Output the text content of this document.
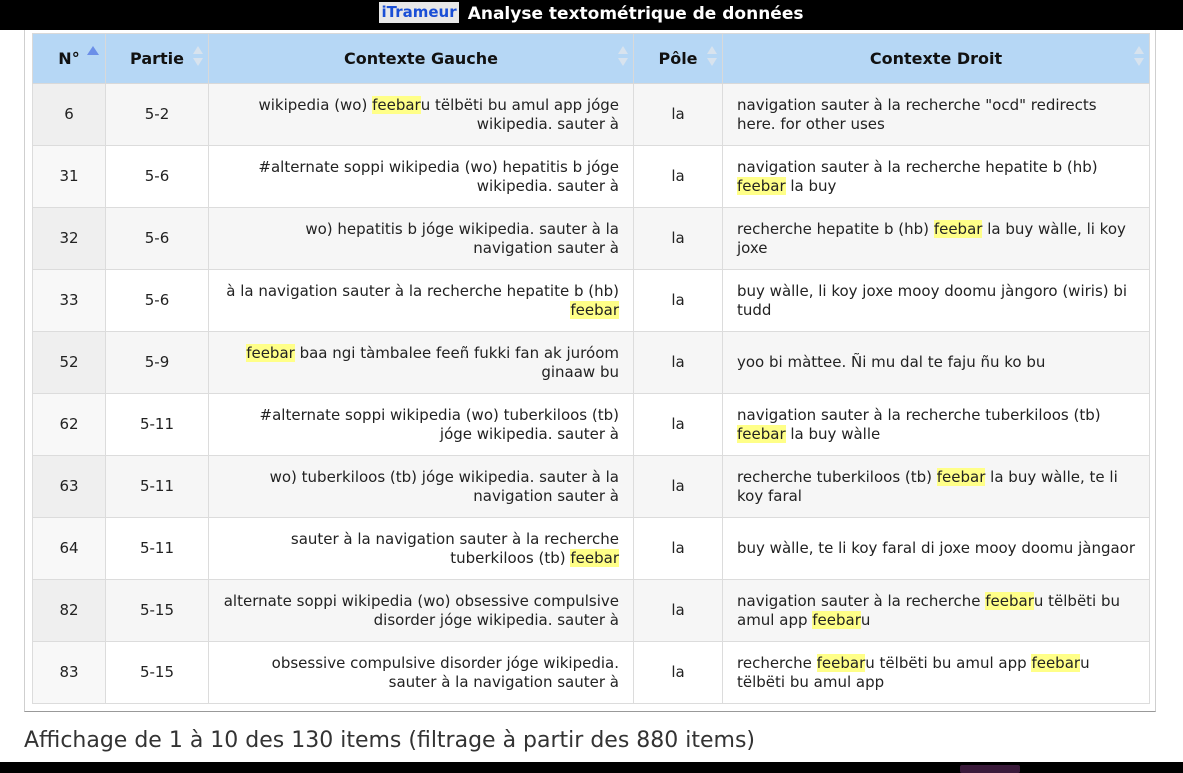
iTrameur Analyse textométrique de données
N°	Partie	Contexte Gauche	Pôle	Contexte Droit

6	5-2	wikipedia (wo) feebaru tëlbëti bu amul app jóge wikipedia. sauter à	la	navigation sauter à la recherche "ocd" redirects here. for other uses
31	5-6	#alternate soppi wikipedia (wo) hepatitis b jóge wikipedia. sauter à	la	navigation sauter à la recherche hepatite b (hb) feebar la buy
32	5-6	wo) hepatitis b jóge wikipedia. sauter à la navigation sauter à	la	recherche hepatite b (hb) feebar la buy wàlle, li koy joxe
33	5-6	à la navigation sauter à la recherche hepatite b (hb) feebar	la	buy wàlle, li koy joxe mooy doomu jàngoro (wiris) bi tudd
52	5-9	feebar baa ngi tàmbalee feeñ fukki fan ak juróom ginaaw bu	la	yoo bi màttee. Ñi mu dal te faju ñu ko bu
62	5-11	#alternate soppi wikipedia (wo) tuberkiloos (tb) jóge wikipedia. sauter à	la	navigation sauter à la recherche tuberkiloos (tb) feebar la buy wàlle
63	5-11	wo) tuberkiloos (tb) jóge wikipedia. sauter à la navigation sauter à	la	recherche tuberkiloos (tb) feebar la buy wàlle, te li koy faral
64	5-11	sauter à la navigation sauter à la recherche tuberkiloos (tb) feebar	la	buy wàlle, te li koy faral di joxe mooy doomu jàngaor
82	5-15	alternate soppi wikipedia (wo) obsessive compulsive disorder jóge wikipedia. sauter à	la	navigation sauter à la recherche feebaru tëlbëti bu amul app feebaru
83	5-15	obsessive compulsive disorder jóge wikipedia. sauter à la navigation sauter à	la	recherche feebaru tëlbëti bu amul app feebaru tëlbëti bu amul app
Affichage de 1 à 10 des 130 items (filtrage à partir des 880 items)
